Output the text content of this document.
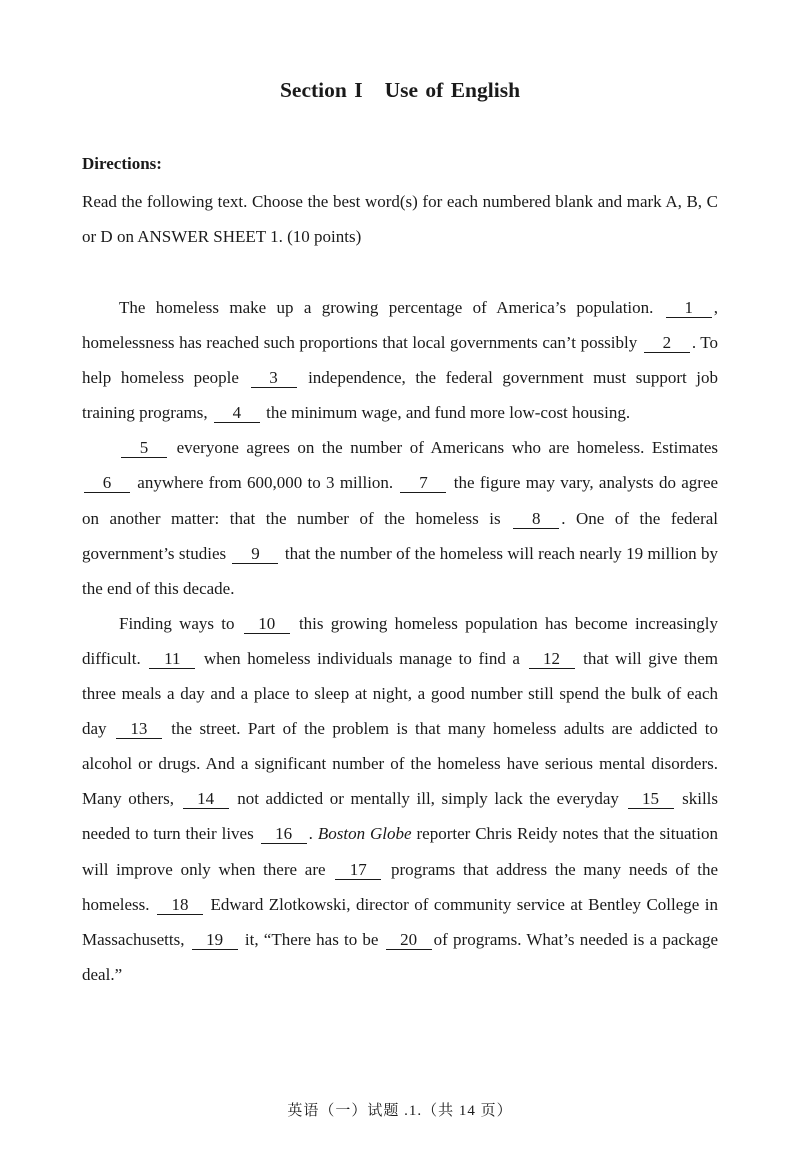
Section I Use of English
Directions:
Read the following text. Choose the best word(s) for each numbered blank and mark A, B, C or D on ANSWER SHEET 1. (10 points)

The homeless make up a growing percentage of America’s population. 1 , homelessness has reached such proportions that local governments can’t possibly 2 . To help homeless people 3 independence, the federal government must support job training programs, 4 the minimum wage, and fund more low-cost housing.

5 everyone agrees on the number of Americans who are homeless. Estimates 6 anywhere from 600,000 to 3 million. 7 the figure may vary, analysts do agree on another matter: that the number of the homeless is 8 . One of the federal government’s studies 9 that the number of the homeless will reach nearly 19 million by the end of this decade.

Finding ways to 10 this growing homeless population has become increasingly difficult. 11 when homeless individuals manage to find a 12 that will give them three meals a day and a place to sleep at night, a good number still spend the bulk of each day 13 the street. Part of the problem is that many homeless adults are addicted to alcohol or drugs. And a significant number of the homeless have serious mental disorders. Many others, 14 not addicted or mentally ill, simply lack the everyday 15 skills needed to turn their lives 16 . Boston Globe reporter Chris Reidy notes that the situation will improve only when there are 17 programs that address the many needs of the homeless. 18 Edward Zlotkowski, director of community service at Bentley College in Massachusetts, 19 it, “There has to be 20 of programs. What’s needed is a package deal.”

英语（一）试题 .1.（共 14 页）
